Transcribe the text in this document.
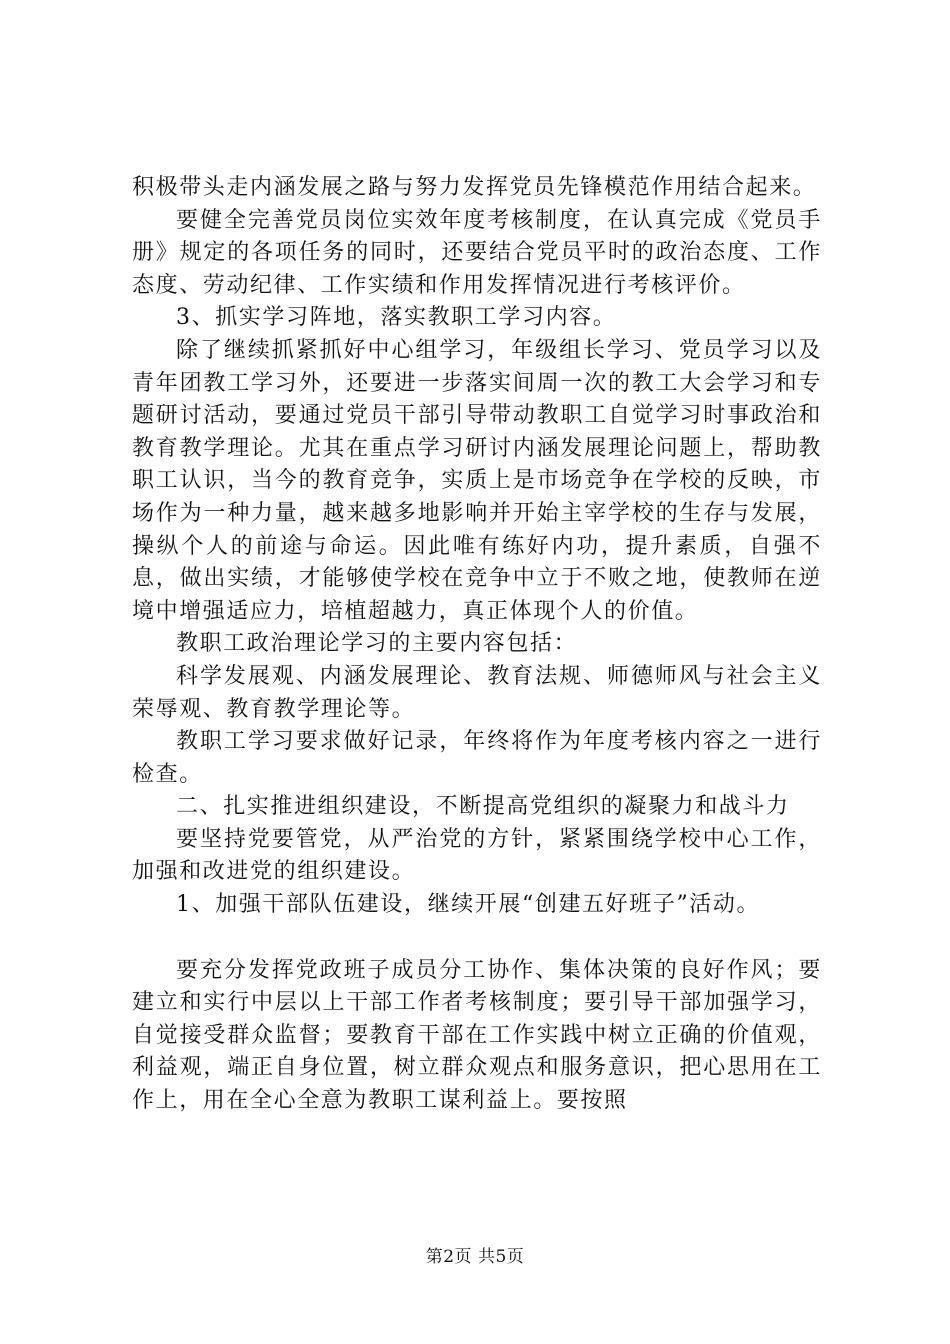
积极带头走内涵发展之路与努力发挥党员先锋模范作用结合起来。

要健全完善党员岗位实效年度考核制度，在认真完成《党员手册》规定的各项任务的同时，还要结合党员平时的政治态度、工作态度、劳动纪律、工作实绩和作用发挥情况进行考核评价。

3、抓实学习阵地，落实教职工学习内容。

除了继续抓紧抓好中心组学习，年级组长学习、党员学习以及青年团教工学习外，还要进一步落实间周一次的教工大会学习和专题研讨活动，要通过党员干部引导带动教职工自觉学习时事政治和教育教学理论。尤其在重点学习研讨内涵发展理论问题上，帮助教职工认识，当今的教育竞争，实质上是市场竞争在学校的反映，市场作为一种力量，越来越多地影响并开始主宰学校的生存与发展，操纵个人的前途与命运。因此唯有练好内功，提升素质，自强不息，做出实绩，才能够使学校在竞争中立于不败之地，使教师在逆境中增强适应力，培植超越力，真正体现个人的价值。

教职工政治理论学习的主要内容包括：

科学发展观、内涵发展理论、教育法规、师德师风与社会主义荣辱观、教育教学理论等。

教职工学习要求做好记录，年终将作为年度考核内容之一进行检查。

二、扎实推进组织建设，不断提高党组织的凝聚力和战斗力

要坚持党要管党，从严治党的方针，紧紧围绕学校中心工作，加强和改进党的组织建设。

1、加强干部队伍建设，继续开展“创建五好班子”活动。

要充分发挥党政班子成员分工协作、集体决策的良好作风；要建立和实行中层以上干部工作者考核制度；要引导干部加强学习，自觉接受群众监督；要教育干部在工作实践中树立正确的价值观，利益观，端正自身位置，树立群众观点和服务意识，把心思用在工作上，用在全心全意为教职工谋利益上。要按照

第2页 共5页
